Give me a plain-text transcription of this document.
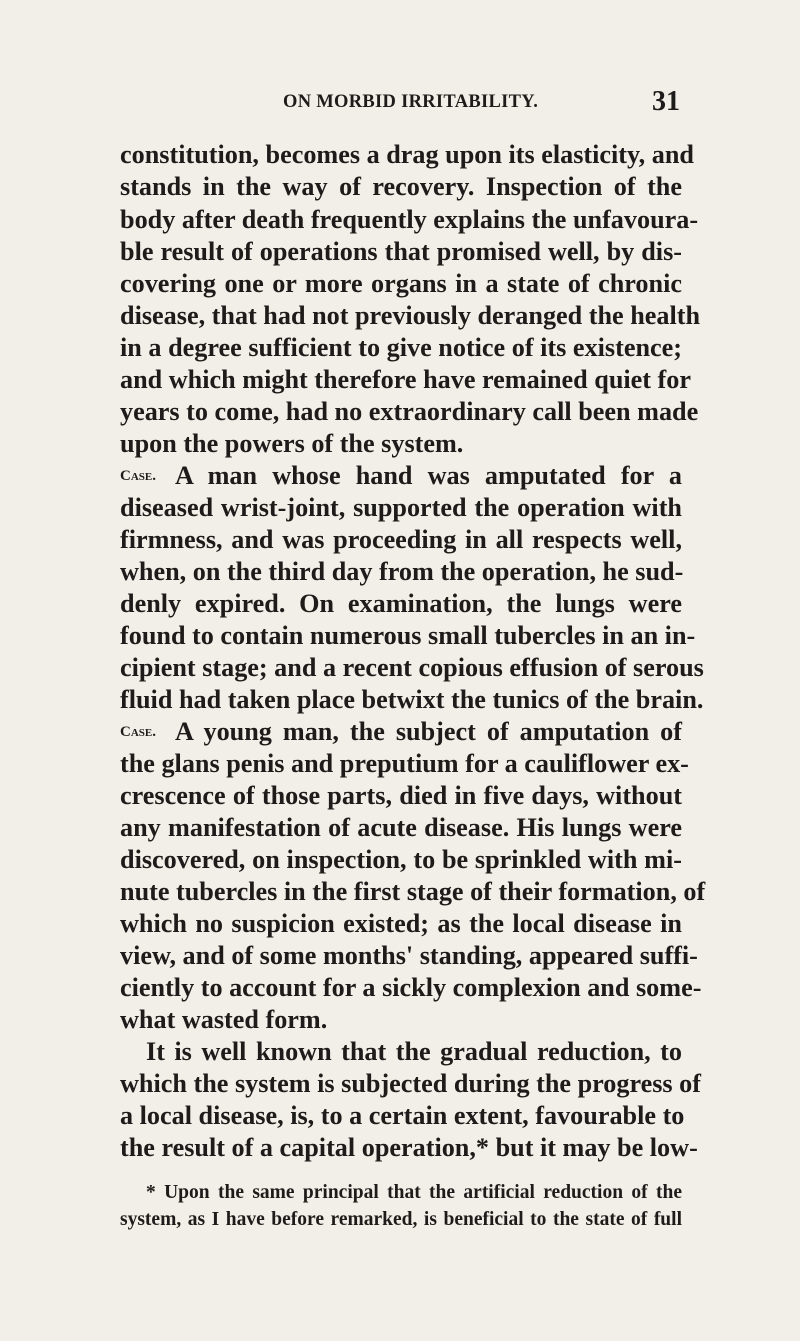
ON MORBID IRRITABILITY.	31
constitution, becomes a drag upon its elasticity, and
stands in the way of recovery. Inspection of the
body after death frequently explains the unfavoura-
ble result of operations that promised well, by dis-
covering one or more organs in a state of chronic
disease, that had not previously deranged the health
in a degree sufficient to give notice of its existence;
and which might therefore have remained quiet for
years to come, had no extraordinary call been made
upon the powers of the system.
Case. A man whose hand was amputated for a
diseased wrist-joint, supported the operation with
firmness, and was proceeding in all respects well,
when, on the third day from the operation, he sud-
denly expired. On examination, the lungs were
found to contain numerous small tubercles in an in-
cipient stage; and a recent copious effusion of serous
fluid had taken place betwixt the tunics of the brain.
Case. A young man, the subject of amputation of
the glans penis and preputium for a cauliflower ex-
crescence of those parts, died in five days, without
any manifestation of acute disease. His lungs were
discovered, on inspection, to be sprinkled with mi-
nute tubercles in the first stage of their formation, of
which no suspicion existed; as the local disease in
view, and of some months' standing, appeared suffi-
ciently to account for a sickly complexion and some-
what wasted form.
It is well known that the gradual reduction, to
which the system is subjected during the progress of
a local disease, is, to a certain extent, favourable to
the result of a capital operation,* but it may be low-
* Upon the same principal that the artificial reduction of the
system, as I have before remarked, is beneficial to the state of full
